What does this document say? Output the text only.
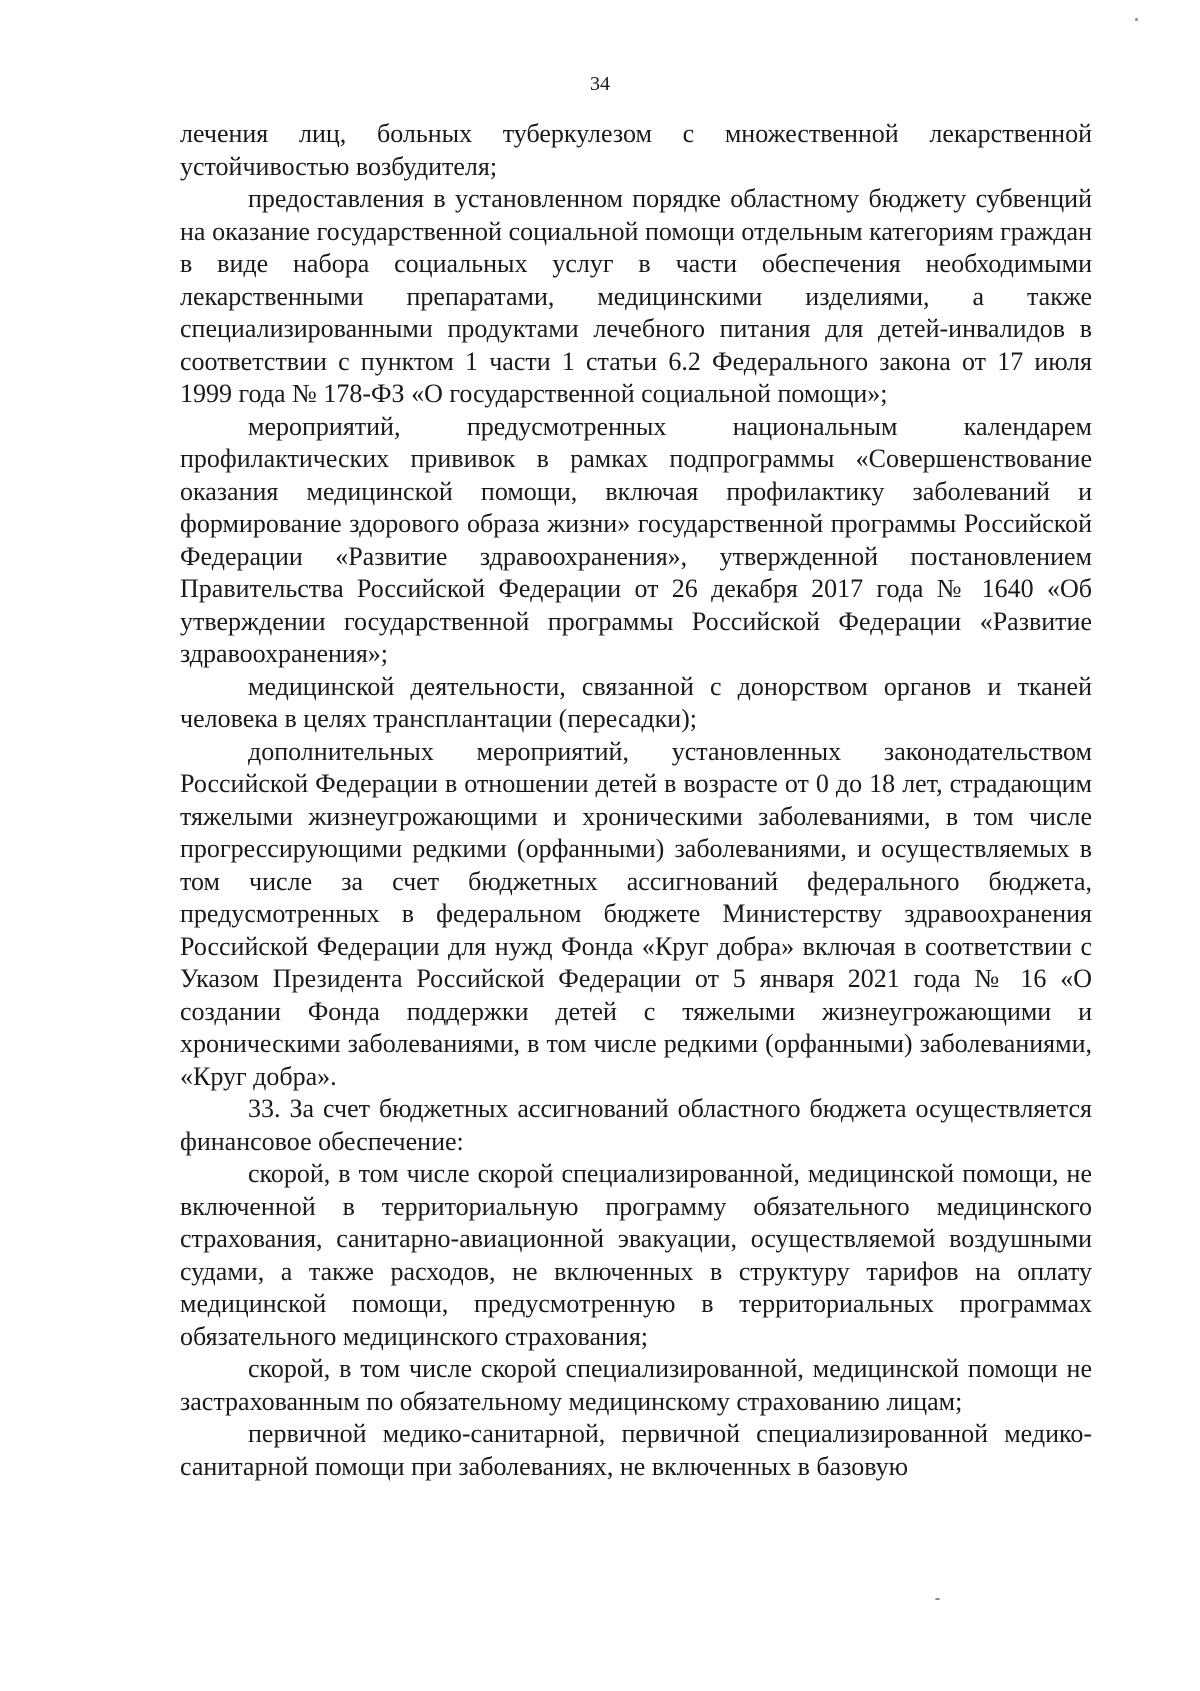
34

лечения лиц, больных туберкулезом с множественной лекарственной устойчивостью возбудителя;

предоставления в установленном порядке областному бюджету субвенций на оказание государственной социальной помощи отдельным категориям граждан в виде набора социальных услуг в части обеспечения необходимыми лекарственными препаратами, медицинскими изделиями, а также специализированными продуктами лечебного питания для детей-инвалидов в соответствии с пунктом 1 части 1 статьи 6.2 Федерального закона от 17 июля 1999 года № 178-ФЗ «О государственной социальной помощи»;

мероприятий, предусмотренных национальным календарем профилактических прививок в рамках подпрограммы «Совершенствование оказания медицинской помощи, включая профилактику заболеваний и формирование здорового образа жизни» государственной программы Российской Федерации «Развитие здравоохранения», утвержденной постановлением Правительства Российской Федерации от 26 декабря 2017 года № 1640 «Об утверждении государственной программы Российской Федерации «Развитие здравоохранения»;

медицинской деятельности, связанной с донорством органов и тканей человека в целях трансплантации (пересадки);

дополнительных мероприятий, установленных законодательством Российской Федерации в отношении детей в возрасте от 0 до 18 лет, страдающим тяжелыми жизнеугрожающими и хроническими заболеваниями, в том числе прогрессирующими редкими (орфанными) заболеваниями, и осуществляемых в том числе за счет бюджетных ассигнований федерального бюджета, предусмотренных в федеральном бюджете Министерству здравоохранения Российской Федерации для нужд Фонда «Круг добра» включая в соответствии с Указом Президента Российской Федерации от 5 января 2021 года № 16 «О создании Фонда поддержки детей с тяжелыми жизнеугрожающими и хроническими заболеваниями, в том числе редкими (орфанными) заболеваниями, «Круг добра».

33. За счет бюджетных ассигнований областного бюджета осуществляется финансовое обеспечение:

скорой, в том числе скорой специализированной, медицинской помощи, не включенной в территориальную программу обязательного медицинского страхования, санитарно-авиационной эвакуации, осуществляемой воздушными судами, а также расходов, не включенных в структуру тарифов на оплату медицинской помощи, предусмотренную в территориальных программах обязательного медицинского страхования;

скорой, в том числе скорой специализированной, медицинской помощи не застрахованным по обязательному медицинскому страхованию лицам;

первичной медико-санитарной, первичной специализированной медико-санитарной помощи при заболеваниях, не включенных в базовую
